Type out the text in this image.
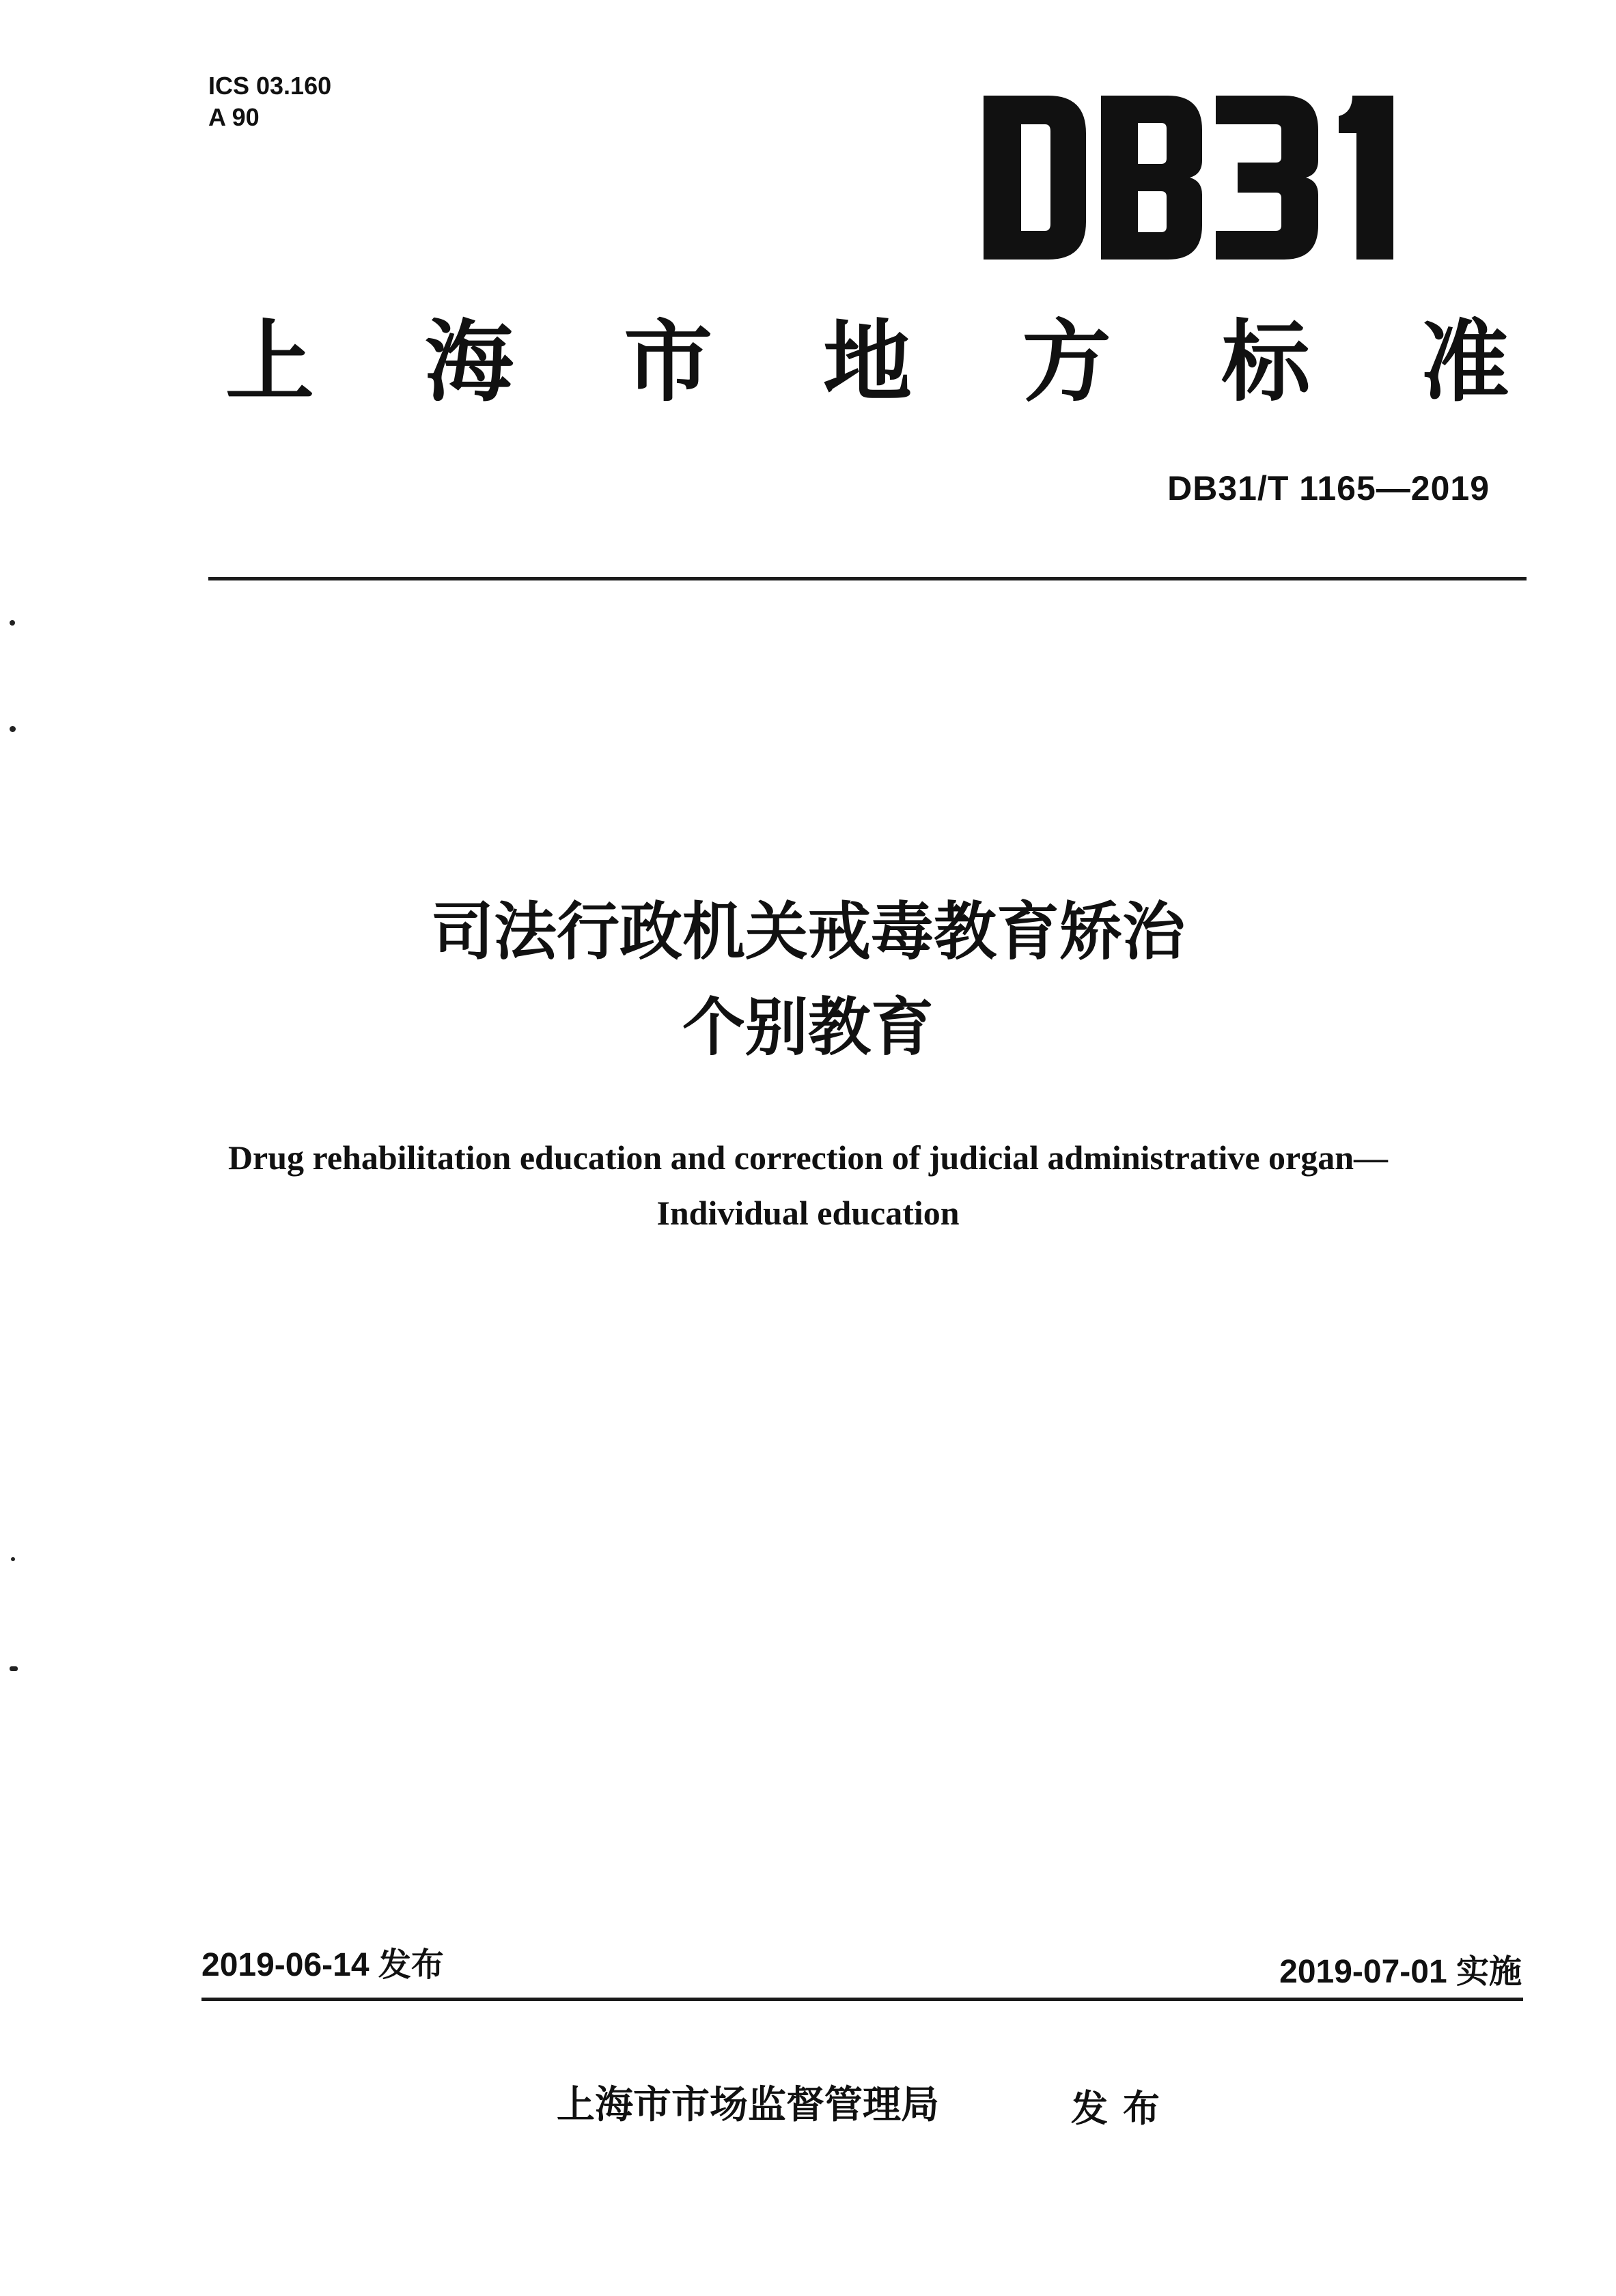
ICS 03.160
A 90
上 海 市 地 方 标 准
DB31/T 1165—2019
司法行政机关戒毒教育矫治
个别教育
Drug rehabilitation education and correction of judicial administrative organ—
Individual education
2019-06-14 发布	2019-07-01 实施
上海市市场监督管理局	发布
